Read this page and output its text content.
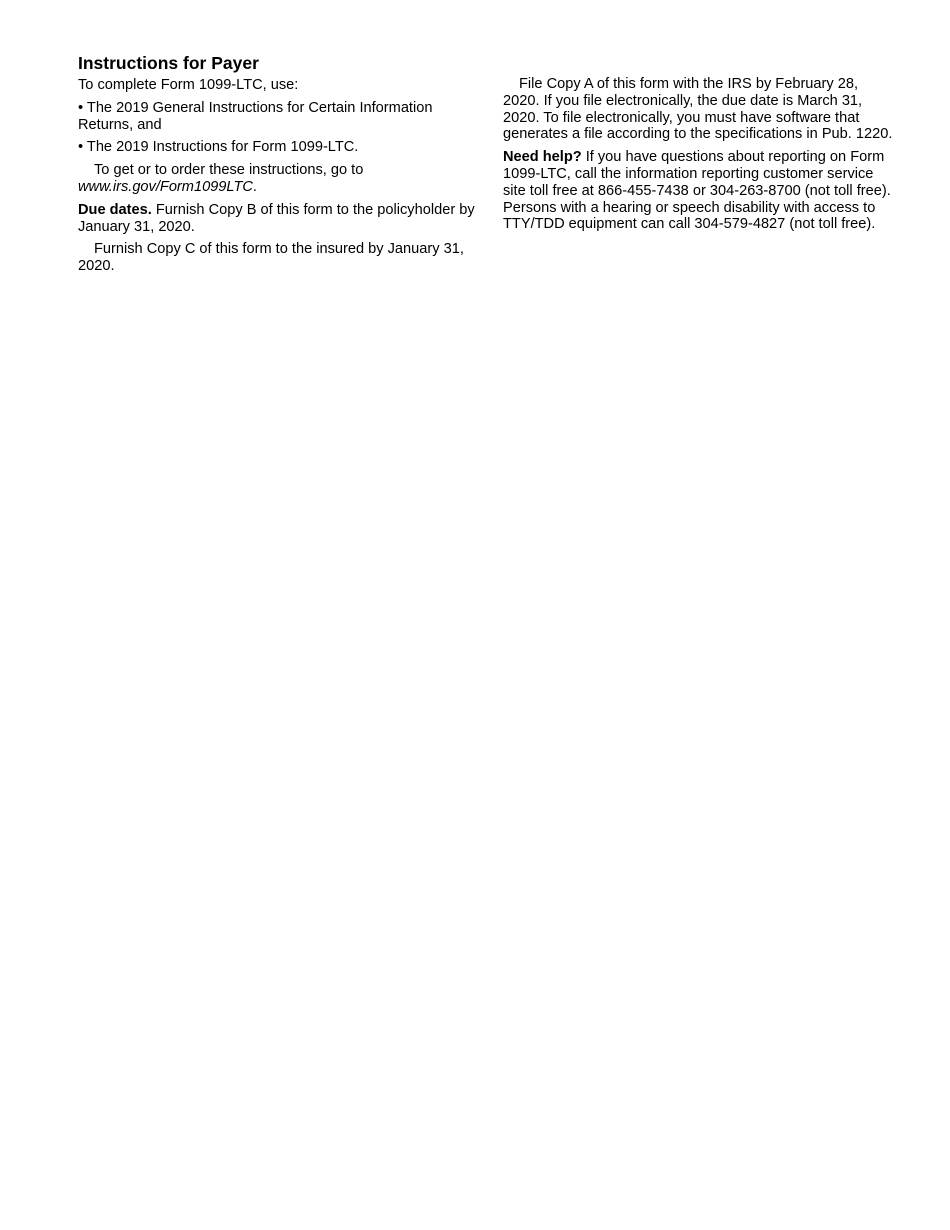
Instructions for Payer

To complete Form 1099-LTC, use:

• The 2019 General Instructions for Certain Information Returns, and

• The 2019 Instructions for Form 1099-LTC.

To get or to order these instructions, go to www.irs.gov/Form1099LTC.

Due dates. Furnish Copy B of this form to the policyholder by January 31, 2020.

Furnish Copy C of this form to the insured by January 31, 2020.

File Copy A of this form with the IRS by February 28, 2020. If you file electronically, the due date is March 31, 2020. To file electronically, you must have software that generates a file according to the specifications in Pub. 1220.

Need help? If you have questions about reporting on Form 1099-LTC, call the information reporting customer service site toll free at 866-455-7438 or 304-263-8700 (not toll free). Persons with a hearing or speech disability with access to TTY/TDD equipment can call 304-579-4827 (not toll free).
